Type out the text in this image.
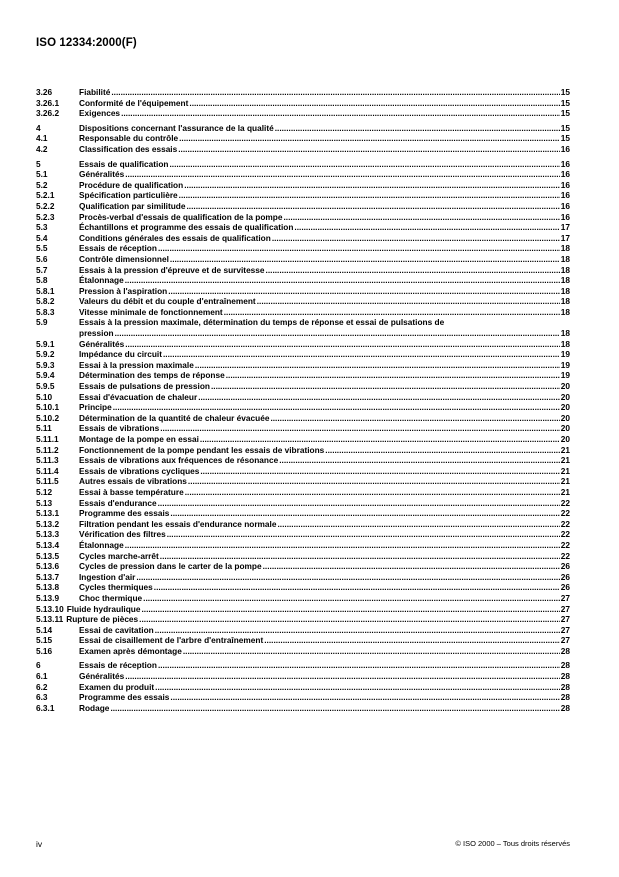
ISO 12334:2000(F)
3.26	Fiabilité .....	15
3.26.1	Conformité de l'équipement .....	15
3.26.2	Exigences .....	15
4	Dispositions concernant l'assurance de la qualité .....	15
4.1	Responsable du contrôle .....	15
4.2	Classification des essais .....	16
5	Essais de qualification .....	16
5.1	Généralités .....	16
5.2	Procédure de qualification .....	16
5.2.1	Spécification particulière .....	16
5.2.2	Qualification par similitude .....	16
5.2.3	Procès-verbal d'essais de qualification de la pompe .....	16
5.3	Échantillons et programme des essais de qualification .....	17
5.4	Conditions générales des essais de qualification .....	17
5.5	Essais de réception .....	18
5.6	Contrôle dimensionnel .....	18
5.7	Essais à la pression d'épreuve et de survitesse .....	18
5.8	Étalonnage .....	18
5.8.1	Pression à l'aspiration .....	18
5.8.2	Valeurs du débit et du couple d'entraînement .....	18
5.8.3	Vitesse minimale de fonctionnement .....	18
5.9	Essais à la pression maximale, détermination du temps de réponse et essai de pulsations de
pression .....	18
5.9.1	Généralités .....	18
5.9.2	Impédance du circuit .....	19
5.9.3	Essai à la pression maximale .....	19
5.9.4	Détermination des temps de réponse .....	19
5.9.5	Essais de pulsations de pression .....	20
5.10	Essai d'évacuation de chaleur .....	20
5.10.1	Principe .....	20
5.10.2	Détermination de la quantité de chaleur évacuée .....	20
5.11	Essais de vibrations .....	20
5.11.1	Montage de la pompe en essai .....	20
5.11.2	Fonctionnement de la pompe pendant les essais de vibrations .....	21
5.11.3	Essais de vibrations aux fréquences de résonance .....	21
5.11.4	Essais de vibrations cycliques .....	21
5.11.5	Autres essais de vibrations .....	21
5.12	Essai à basse température .....	21
5.13	Essais d'endurance .....	22
5.13.1	Programme des essais .....	22
5.13.2	Filtration pendant les essais d'endurance normale .....	22
5.13.3	Vérification des filtres .....	22
5.13.4	Étalonnage .....	22
5.13.5	Cycles marche-arrêt .....	22
5.13.6	Cycles de pression dans le carter de la pompe .....	26
5.13.7	Ingestion d'air .....	26
5.13.8	Cycles thermiques .....	26
5.13.9	Choc thermique .....	27
5.13.10 Fluide hydraulique .....	27
5.13.11 Rupture de pièces .....	27
5.14	Essai de cavitation .....	27
5.15	Essai de cisaillement de l'arbre d'entraînement .....	27
5.16	Examen après démontage .....	28
6	Essais de réception .....	28
6.1	Généralités .....	28
6.2	Examen du produit .....	28
6.3	Programme des essais .....	28
6.3.1	Rodage .....	28
iv	© ISO 2000 – Tous droits réservés
